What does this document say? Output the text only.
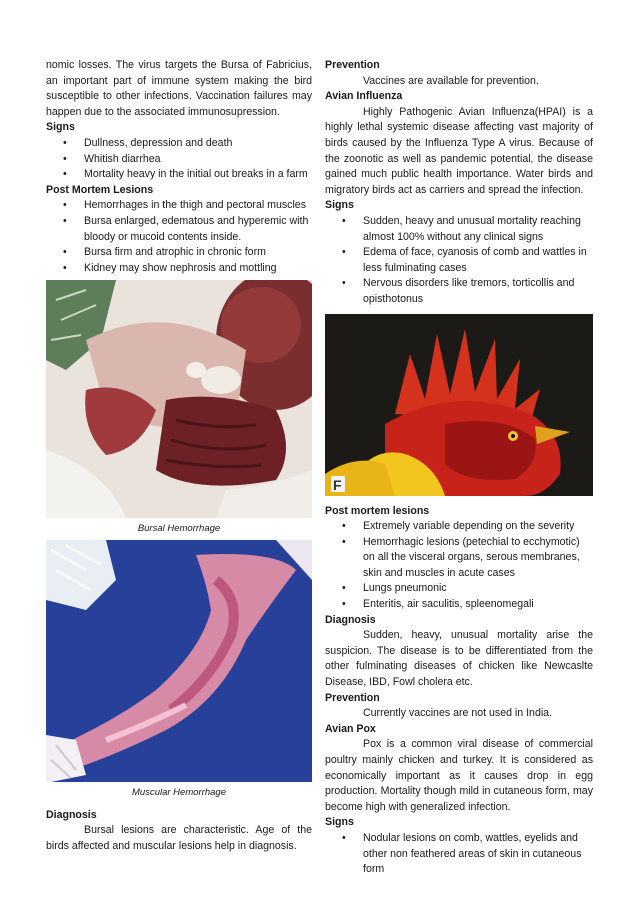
nomic losses. The virus targets the Bursa of Fabricius, an important part of immune system making the bird susceptible to other infections. Vaccination failures may happen due to the associated immunosupression.

Signs

• Dullness, depression and death
• Whitish diarrhea
• Mortality heavy in the initial out breaks in a farm

Post Mortem Lesions

• Hemorrhages in the thigh and pectoral muscles
• Bursa enlarged, edematous and hyperemic with bloody or mucoid contents inside.
• Bursa firm and atrophic in chronic form
• Kidney may show nephrosis and mottling
Bursal Hemorrhage
Muscular Hemorrhage

Diagnosis

Bursal lesions are characteristic. Age of the birds affected and muscular lesions help in diagnosis.

Prevention

Vaccines are available for prevention.

Avian Influenza

Highly Pathogenic Avian Influenza(HPAI) is a highly lethal systemic disease affecting vast majority of birds caused by the Influenza Type A virus. Because of the zoonotic as well as pandemic potential, the disease gained much public health importance. Water birds and migratory birds act as carriers and spread the infection.

Signs

• Sudden, heavy and unusual mortality reaching almost 100% without any clinical signs
• Edema of face, cyanosis of comb and wattles in less fulminating cases
• Nervous disorders like tremors, torticollis and opisthotonus
F

Post mortem lesions

• Extremely variable depending on the severity
• Hemorrhagic lesions (petechial to ecchymotic) on all the visceral organs, serous membranes, skin and muscles in acute cases
• Lungs pneumonic
• Enteritis, air saculitis, spleenomegali

Diagnosis

Sudden, heavy, unusual mortality arise the suspicion. The disease is to be differentiated from the other fulminating diseases of chicken like Newcaslte Disease, IBD, Fowl cholera etc.

Prevention

Currently vaccines are not used in India.

Avian Pox

Pox is a common viral disease of commercial poultry mainly chicken and turkey. It is considered as economically important as it causes drop in egg production. Mortality though mild in cutaneous form, may become high with generalized infection.

Signs

• Nodular lesions on comb, wattles, eyelids and other non feathered areas of skin in cutaneous form
